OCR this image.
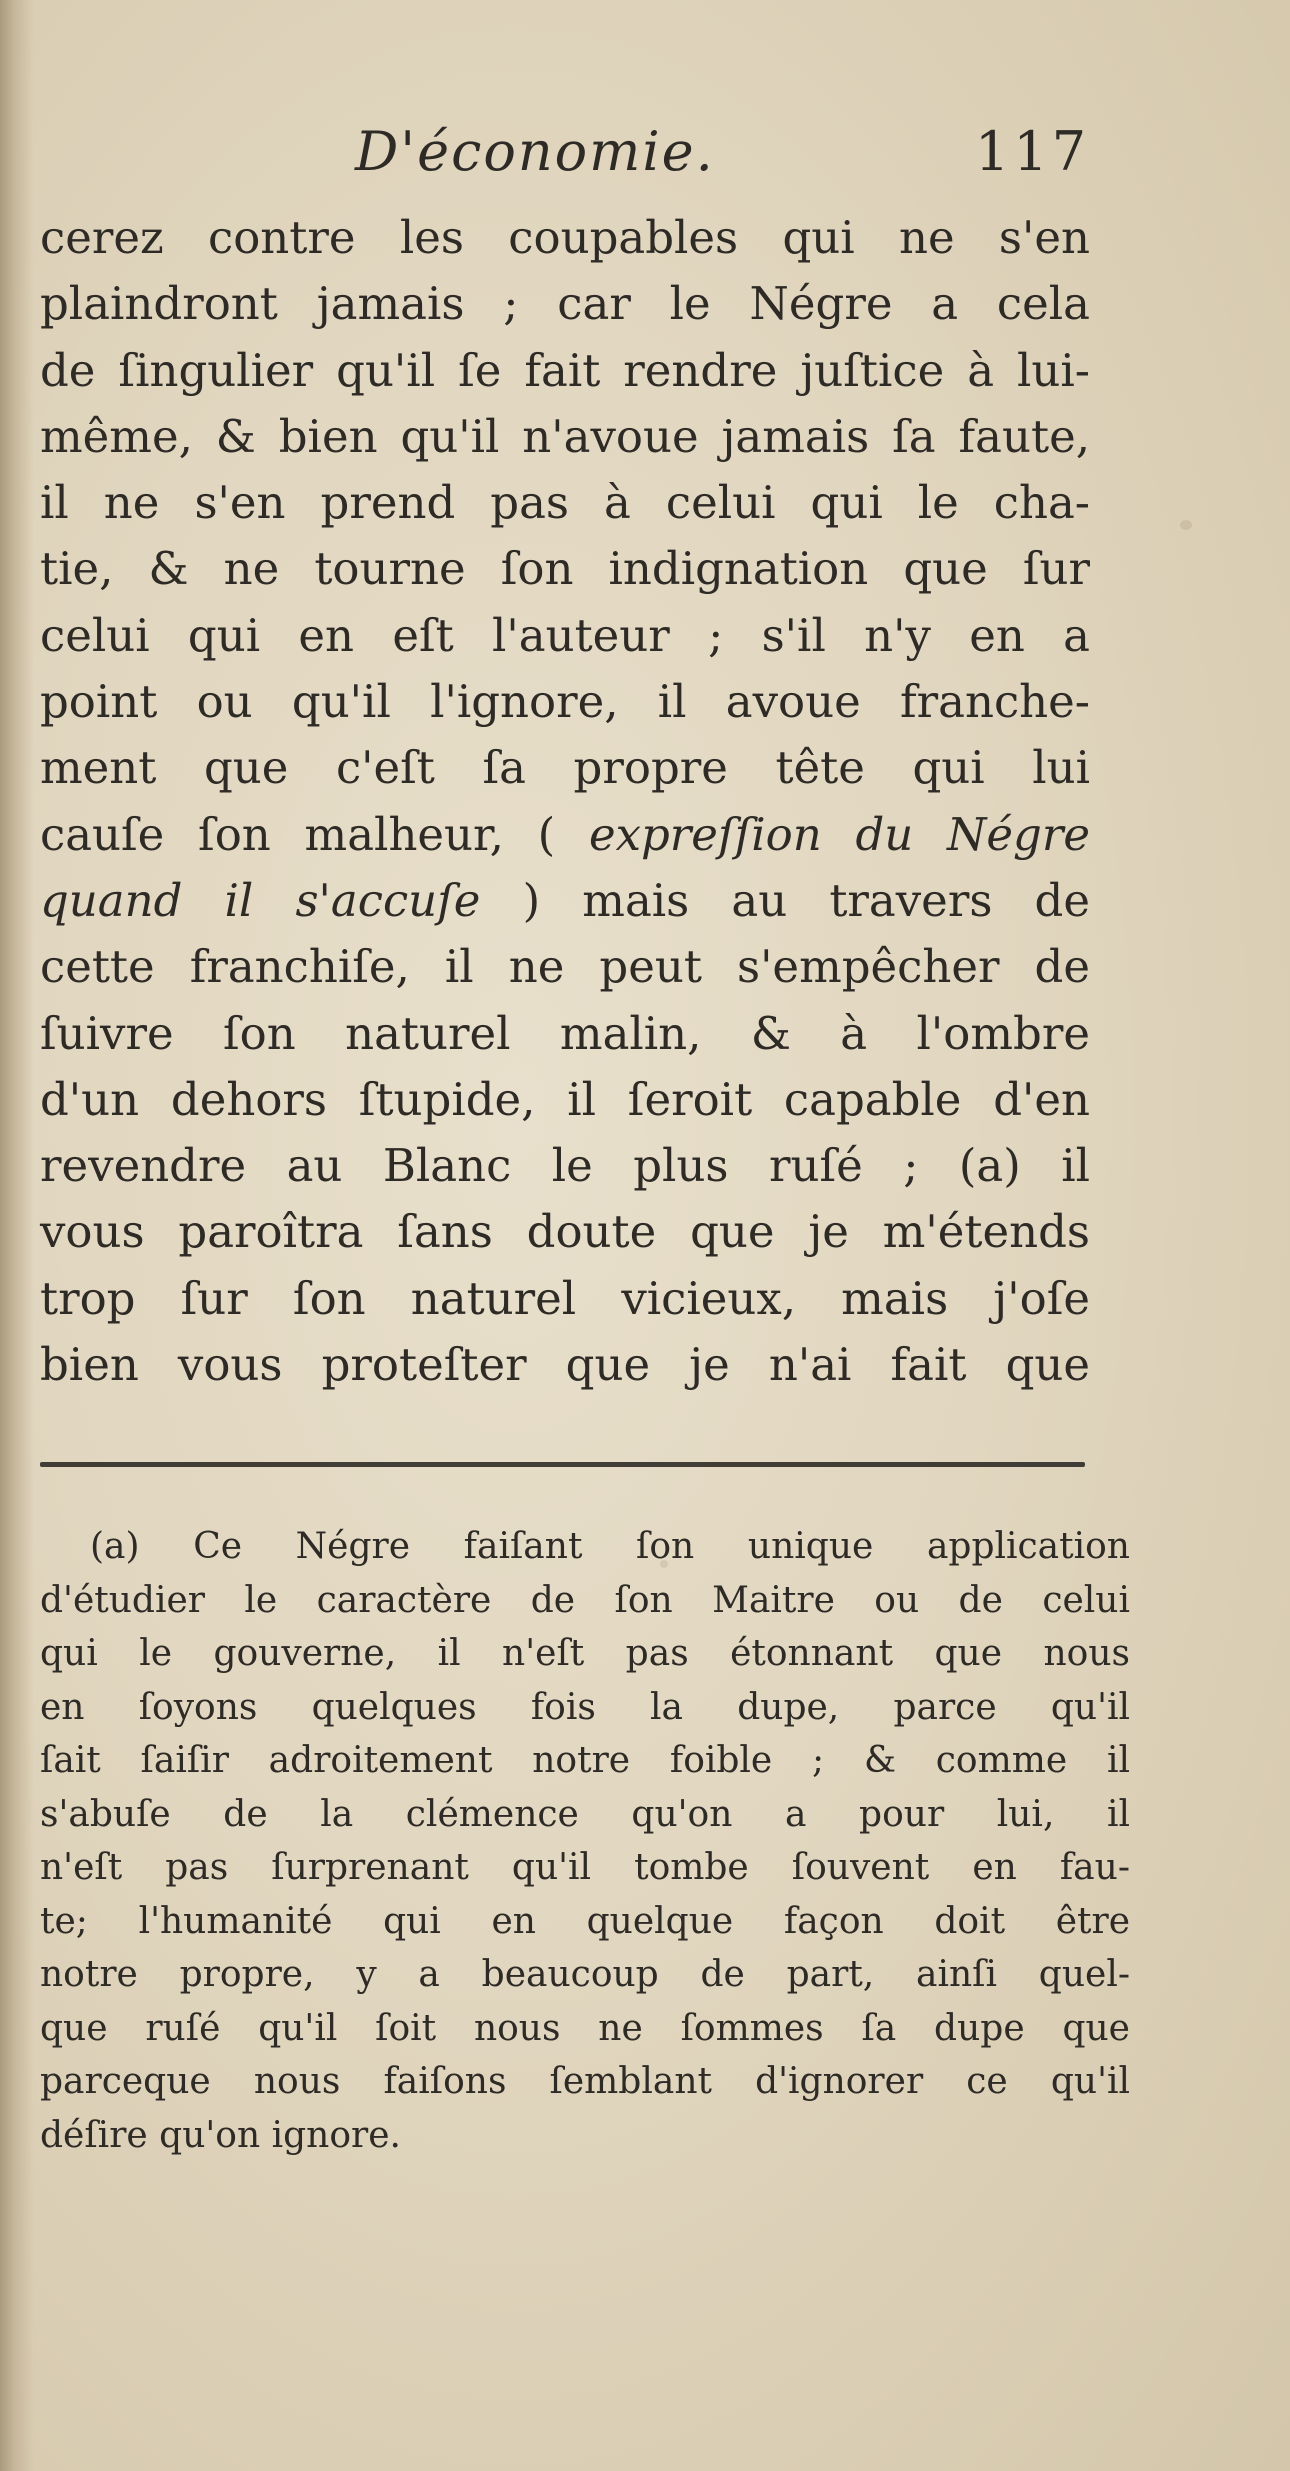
D'économie.	117
cerez contre les coupables qui ne s'en
plaindront jamais ; car le Négre a cela
de ſingulier qu'il ſe fait rendre juſtice à lui-
même, & bien qu'il n'avoue jamais ſa faute,
il ne s'en prend pas à celui qui le cha-
tie, & ne tourne ſon indignation que ſur
celui qui en eſt l'auteur ; s'il n'y en a
point ou qu'il l'ignore, il avoue franche-
ment que c'eſt ſa propre tête qui lui
cauſe ſon malheur, ( expreſſion du Négre
quand il s'accuſe ) mais au travers de
cette franchiſe, il ne peut s'empêcher de
ſuivre ſon naturel malin, & à l'ombre
d'un dehors ſtupide, il ſeroit capable d'en
revendre au Blanc le plus ruſé ; (a) il
vous paroîtra ſans doute que je m'étends
trop ſur ſon naturel vicieux, mais j'oſe
bien vous proteſter que je n'ai fait que
(a) Ce Négre faiſant ſon unique application
d'étudier le caractère de ſon Maitre ou de celui
qui le gouverne, il n'eſt pas étonnant que nous
en ſoyons quelques fois la dupe, parce qu'il
ſait ſaiſir adroitement notre foible ; & comme il
s'abuſe de la clémence qu'on a pour lui, il
n'eſt pas ſurprenant qu'il tombe ſouvent en fau-
te; l'humanité qui en quelque façon doit être
notre propre, y a beaucoup de part, ainſi quel-
que ruſé qu'il ſoit nous ne ſommes ſa dupe que
parceque nous faiſons ſemblant d'ignorer ce qu'il
déſire qu'on ignore.
